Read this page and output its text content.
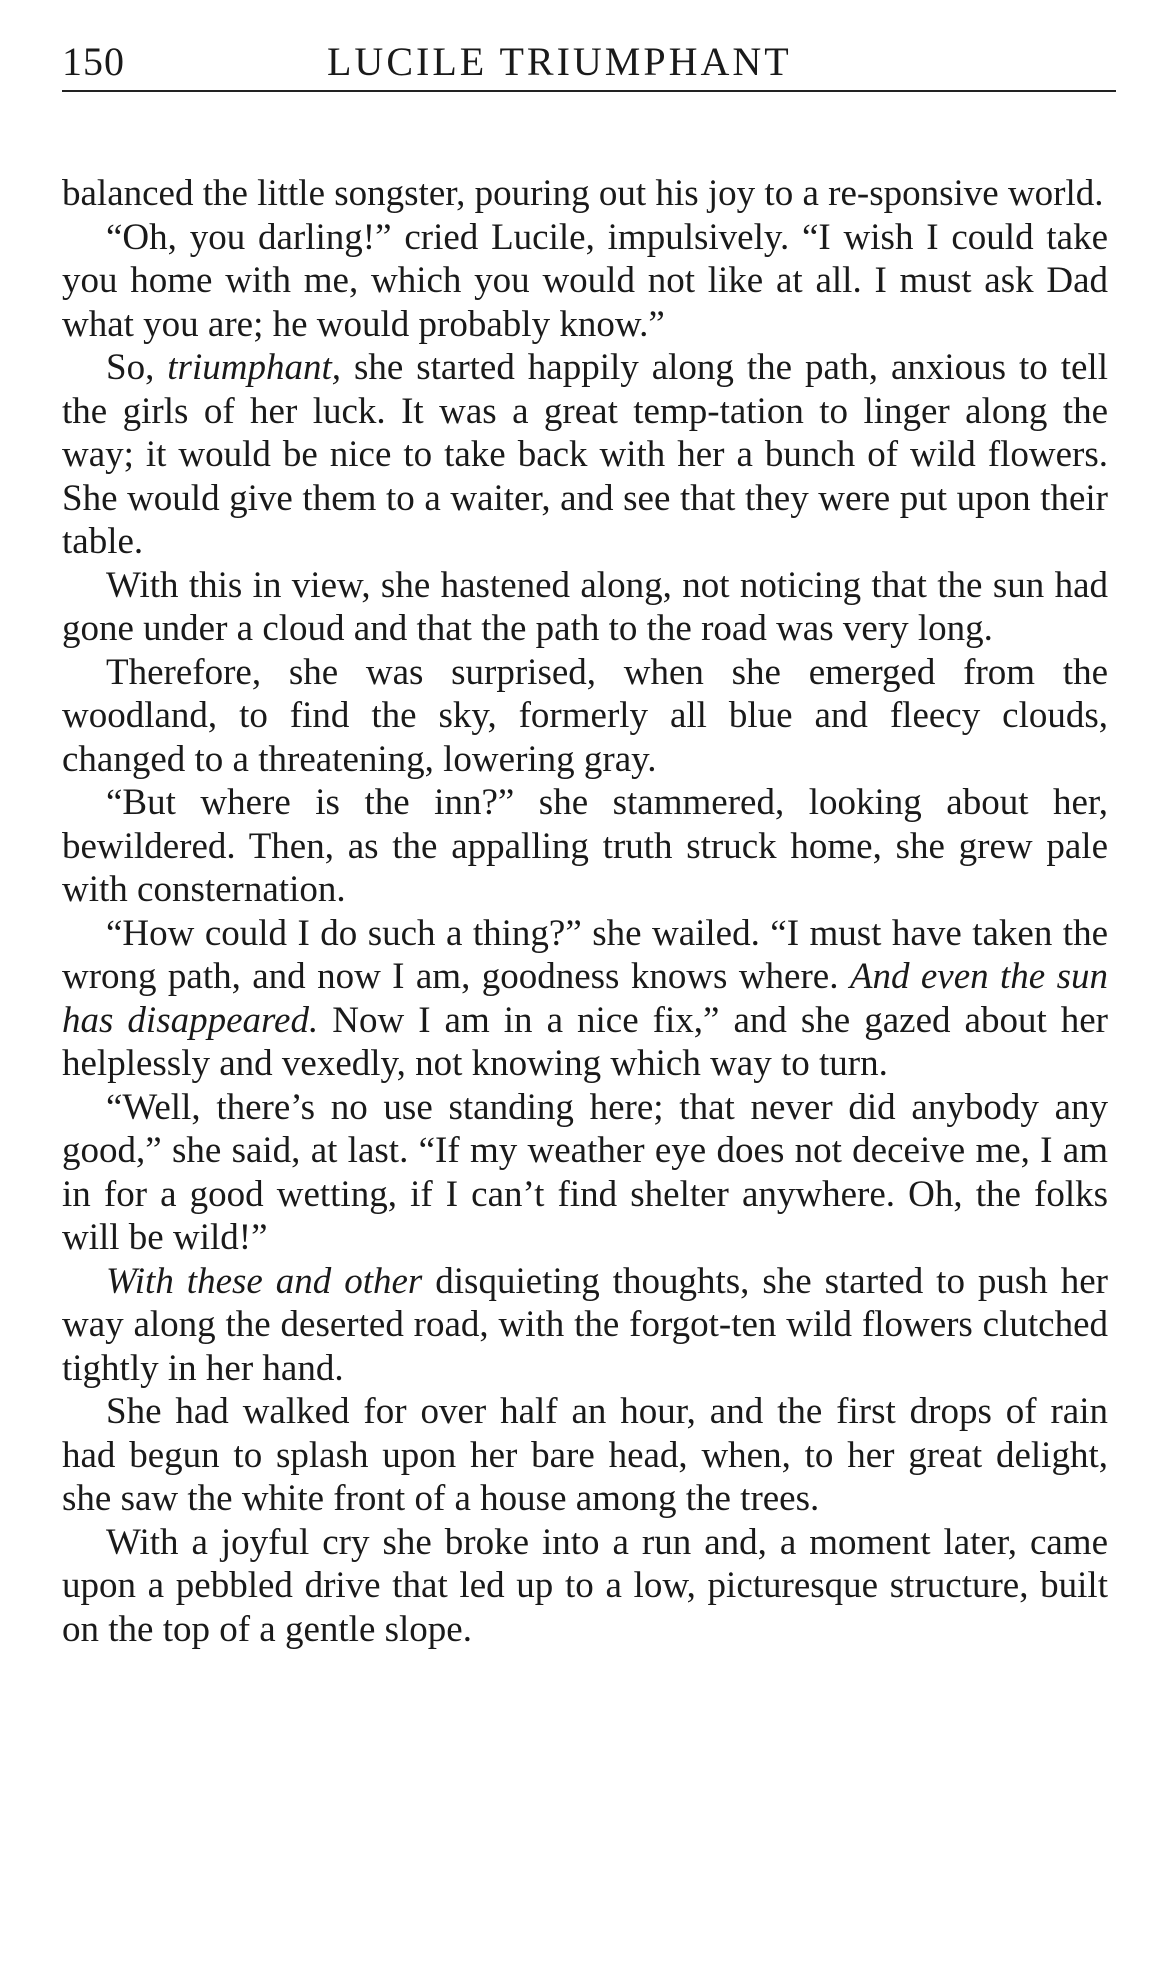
150	LUCILE TRIUMPHANT

balanced the little songster, pouring out his joy to a re-sponsive world.

“Oh, you darling!” cried Lucile, impulsively. “I wish I could take you home with me, which you would not like at all. I must ask Dad what you are; he would probably know.”

So, triumphant, she started happily along the path, anxious to tell the girls of her luck. It was a great temp-tation to linger along the way; it would be nice to take back with her a bunch of wild flowers. She would give them to a waiter, and see that they were put upon their table.

With this in view, she hastened along, not noticing that the sun had gone under a cloud and that the path to the road was very long.

Therefore, she was surprised, when she emerged from the woodland, to find the sky, formerly all blue and fleecy clouds, changed to a threatening, lowering gray.

“But where is the inn?” she stammered, looking about her, bewildered. Then, as the appalling truth struck home, she grew pale with consternation.

“How could I do such a thing?” she wailed. “I must have taken the wrong path, and now I am, goodness knows where. And even the sun has disappeared. Now I am in a nice fix,” and she gazed about her helplessly and vexedly, not knowing which way to turn.

“Well, there’s no use standing here; that never did anybody any good,” she said, at last. “If my weather eye does not deceive me, I am in for a good wetting, if I can’t find shelter anywhere. Oh, the folks will be wild!”

With these and other disquieting thoughts, she started to push her way along the deserted road, with the forgot-ten wild flowers clutched tightly in her hand.

She had walked for over half an hour, and the first drops of rain had begun to splash upon her bare head, when, to her great delight, she saw the white front of a house among the trees.

With a joyful cry she broke into a run and, a moment later, came upon a pebbled drive that led up to a low, picturesque structure, built on the top of a gentle slope.
